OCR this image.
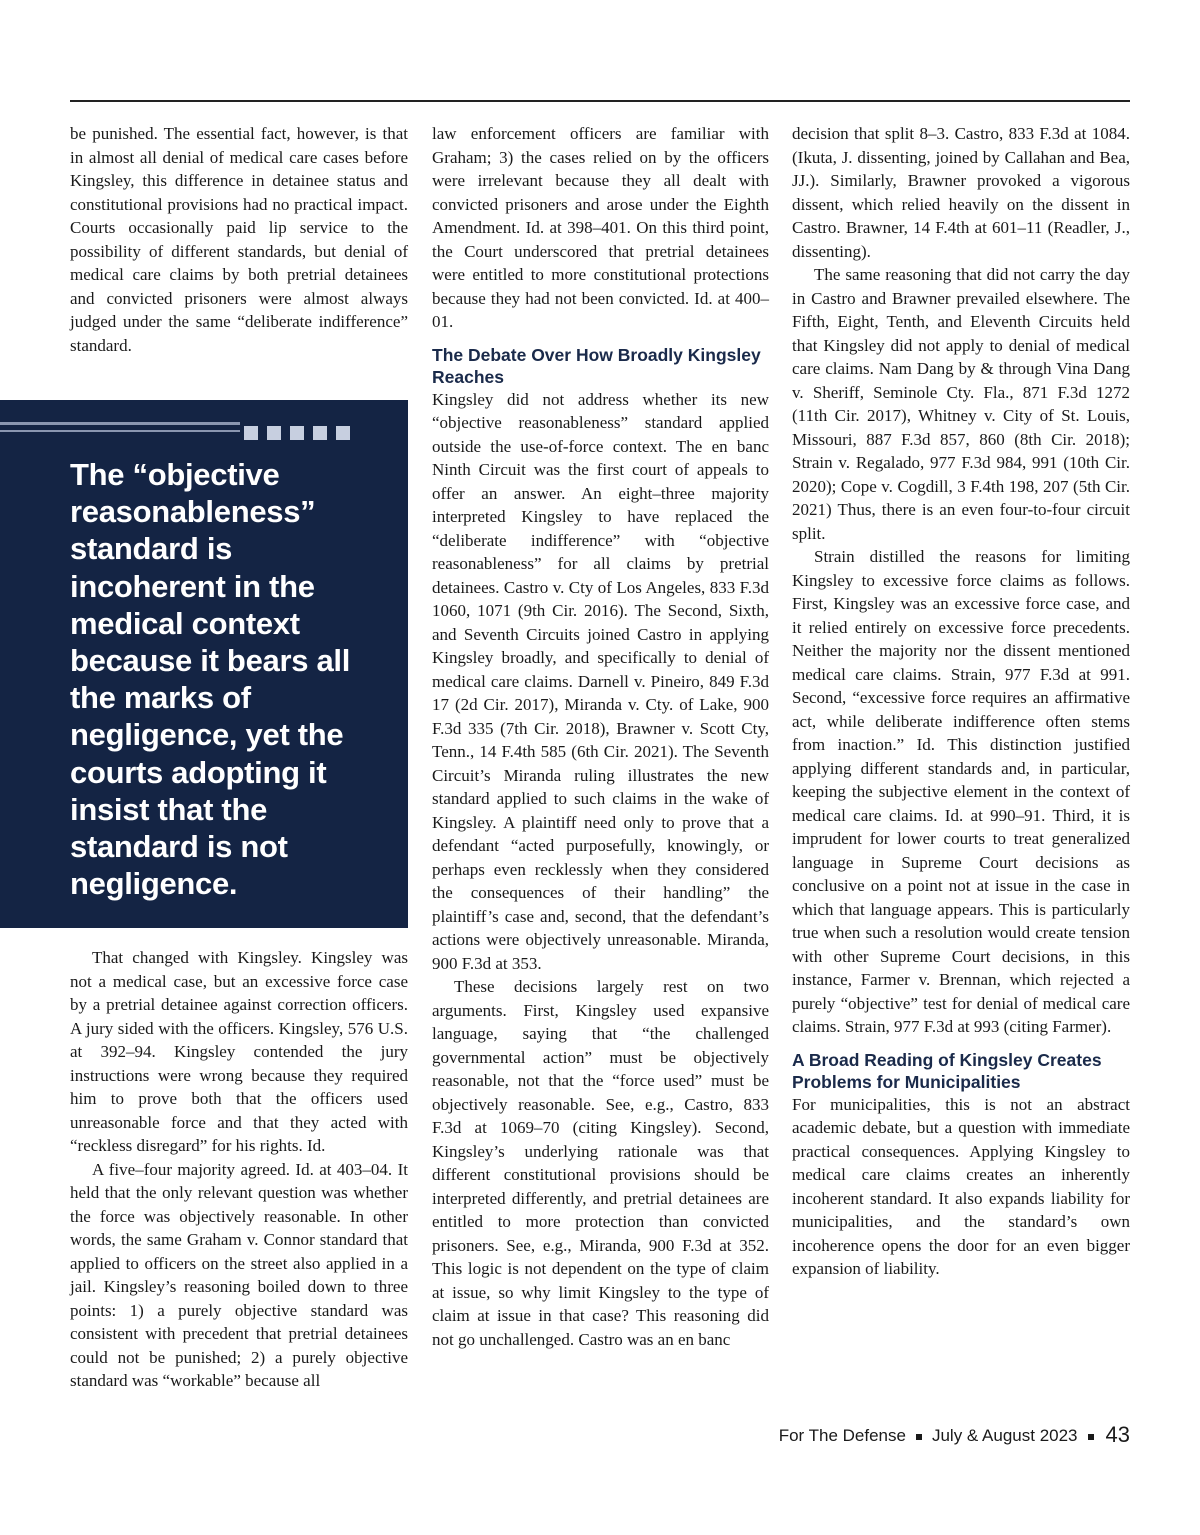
be punished. The essential fact, however, is that in almost all denial of medical care cases before Kingsley, this difference in detainee status and constitutional provisions had no practical impact. Courts occasionally paid lip service to the possibility of different standards, but denial of medical care claims by both pretrial detainees and convicted prisoners were almost always judged under the same “deliberate indifference” standard.

The “objective reasonableness” standard is incoherent in the medical context because it bears all the marks of negligence, yet the courts adopting it insist that the standard is not negligence.

That changed with Kingsley. Kingsley was not a medical case, but an excessive force case by a pretrial detainee against correction officers. A jury sided with the officers. Kingsley, 576 U.S. at 392–94. Kingsley contended the jury instructions were wrong because they required him to prove both that the officers used unreasonable force and that they acted with “reckless disregard” for his rights. Id.

A five–four majority agreed. Id. at 403–04. It held that the only relevant question was whether the force was objectively reasonable. In other words, the same Graham v. Connor standard that applied to officers on the street also applied in a jail. Kingsley’s reasoning boiled down to three points: 1) a purely objective standard was consistent with precedent that pretrial detainees could not be punished; 2) a purely objective standard was “workable” because all

law enforcement officers are familiar with Graham; 3) the cases relied on by the officers were irrelevant because they all dealt with convicted prisoners and arose under the Eighth Amendment. Id. at 398–401. On this third point, the Court underscored that pretrial detainees were entitled to more constitutional protections because they had not been convicted. Id. at 400–01.

The Debate Over How Broadly Kingsley Reaches

Kingsley did not address whether its new “objective reasonableness” standard applied outside the use-of-force context. The en banc Ninth Circuit was the first court of appeals to offer an answer. An eight–three majority interpreted Kingsley to have replaced the “deliberate indifference” with “objective reasonableness” for all claims by pretrial detainees. Castro v. Cty of Los Angeles, 833 F.3d 1060, 1071 (9th Cir. 2016). The Second, Sixth, and Seventh Circuits joined Castro in applying Kingsley broadly, and specifically to denial of medical care claims. Darnell v. Pineiro, 849 F.3d 17 (2d Cir. 2017), Miranda v. Cty. of Lake, 900 F.3d 335 (7th Cir. 2018), Brawner v. Scott Cty, Tenn., 14 F.4th 585 (6th Cir. 2021). The Seventh Circuit’s Miranda ruling illustrates the new standard applied to such claims in the wake of Kingsley. A plaintiff need only to prove that a defendant “acted purposefully, knowingly, or perhaps even recklessly when they considered the consequences of their handling” the plaintiff’s case and, second, that the defendant’s actions were objectively unreasonable. Miranda, 900 F.3d at 353.

These decisions largely rest on two arguments. First, Kingsley used expansive language, saying that “the challenged governmental action” must be objectively reasonable, not that the “force used” must be objectively reasonable. See, e.g., Castro, 833 F.3d at 1069–70 (citing Kingsley). Second, Kingsley’s underlying rationale was that different constitutional provisions should be interpreted differently, and pretrial detainees are entitled to more protection than convicted prisoners. See, e.g., Miranda, 900 F.3d at 352. This logic is not dependent on the type of claim at issue, so why limit Kingsley to the type of claim at issue in that case? This reasoning did not go unchallenged. Castro was an en banc

decision that split 8–3. Castro, 833 F.3d at 1084. (Ikuta, J. dissenting, joined by Callahan and Bea, JJ.). Similarly, Brawner provoked a vigorous dissent, which relied heavily on the dissent in Castro. Brawner, 14 F.4th at 601–11 (Readler, J., dissenting).

The same reasoning that did not carry the day in Castro and Brawner prevailed elsewhere. The Fifth, Eight, Tenth, and Eleventh Circuits held that Kingsley did not apply to denial of medical care claims. Nam Dang by & through Vina Dang v. Sheriff, Seminole Cty. Fla., 871 F.3d 1272 (11th Cir. 2017), Whitney v. City of St. Louis, Missouri, 887 F.3d 857, 860 (8th Cir. 2018); Strain v. Regalado, 977 F.3d 984, 991 (10th Cir. 2020); Cope v. Cogdill, 3 F.4th 198, 207 (5th Cir. 2021) Thus, there is an even four-to-four circuit split.

Strain distilled the reasons for limiting Kingsley to excessive force claims as follows. First, Kingsley was an excessive force case, and it relied entirely on excessive force precedents. Neither the majority nor the dissent mentioned medical care claims. Strain, 977 F.3d at 991. Second, “excessive force requires an affirmative act, while deliberate indifference often stems from inaction.” Id. This distinction justified applying different standards and, in particular, keeping the subjective element in the context of medical care claims. Id. at 990–91. Third, it is imprudent for lower courts to treat generalized language in Supreme Court decisions as conclusive on a point not at issue in the case in which that language appears. This is particularly true when such a resolution would create tension with other Supreme Court decisions, in this instance, Farmer v. Brennan, which rejected a purely “objective” test for denial of medical care claims. Strain, 977 F.3d at 993 (citing Farmer).

A Broad Reading of Kingsley Creates Problems for Municipalities

For municipalities, this is not an abstract academic debate, but a question with immediate practical consequences. Applying Kingsley to medical care claims creates an inherently incoherent standard. It also expands liability for municipalities, and the standard’s own incoherence opens the door for an even bigger expansion of liability.

For The Defense July & August 2023 43
